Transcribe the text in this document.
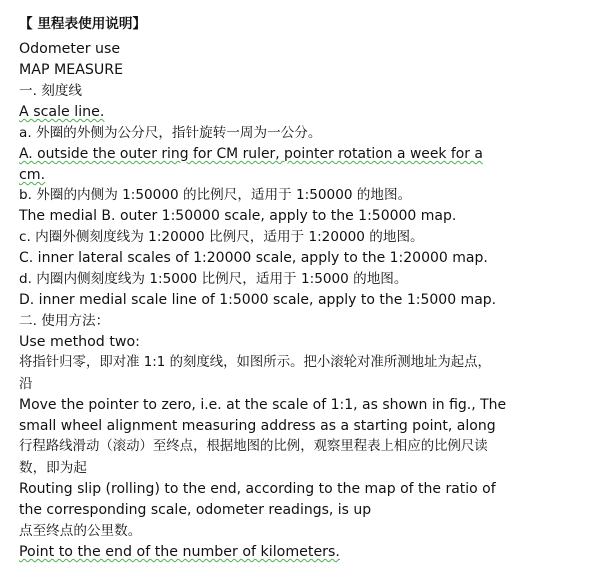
【 里程表使用说明】
Odometer use
MAP MEASURE
一. 刻度线
A scale line.
a. 外圈的外侧为公分尺，指针旋转一周为一公分。
A. outside the outer ring for CM ruler, pointer rotation a week for a
cm.
b. 外圈的内侧为 1:50000 的比例尺，适用于 1:50000 的地图。
The medial B. outer 1:50000 scale, apply to the 1:50000 map.
c. 内圈外侧刻度线为 1:20000 比例尺，适用于 1:20000 的地图。
C. inner lateral scales of 1:20000 scale, apply to the 1:20000 map.
d. 内圈内侧刻度线为 1:5000 比例尺，适用于 1:5000 的地图。
D. inner medial scale line of 1:5000 scale, apply to the 1:5000 map.
二. 使用方法：
Use method two:
将指针归零，即对准 1:1 的刻度线，如图所示。把小滚轮对准所测地址为起点，
沿
Move the pointer to zero, i.e. at the scale of 1:1, as shown in fig., The
small wheel alignment measuring address as a starting point, along
行程路线滑动（滚动）至终点，根据地图的比例，观察里程表上相应的比例尺读
数，即为起
Routing slip (rolling) to the end, according to the map of the ratio of
the corresponding scale, odometer readings, is up
点至终点的公里数。
Point to the end of the number of kilometers.
